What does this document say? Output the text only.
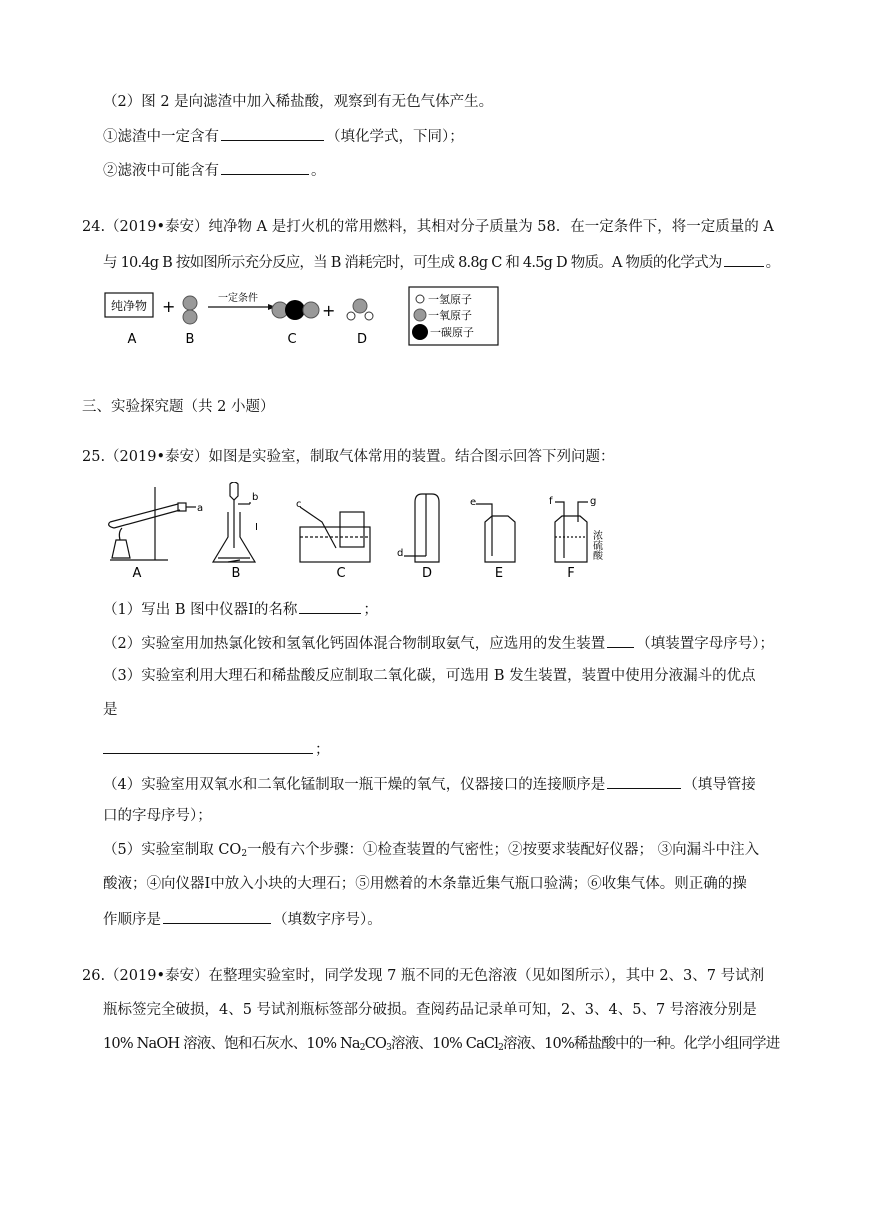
（2）图 2 是向滤渣中加入稀盐酸，观察到有无色气体产生。
①滤渣中一定含有	（填化学式，下同）；
②滤液中可能含有	。
24.（2019•泰安）纯净物 A 是打火机的常用燃料，其相对分子质量为 58．在一定条件下，将一定质量的 A
与 10.4g B 按如图所示充分反应，当 B 消耗完时，可生成 8.8g C 和 4.5g D 物质。A 物质的化学式为	。
纯净物 +	一定条件
+
A	B	C	D
一氢原子
一氧原子
一碳原子
三、实验探究题（共 2 小题）
25.（2019•泰安）如图是实验室，制取气体常用的装置。结合图示回答下列问题：
a
b
I
c
d
e	f	g
浓硫酸
A	B	C	D	E	F
（1）写出 B 图中仪器Ⅰ的名称	；
（2）实验室用加热氯化铵和氢氧化钙固体混合物制取氨气，应选用的发生装置 （填装置字母序号）；
（3）实验室利用大理石和稀盐酸反应制取二氧化碳，可选用 B 发生装置，装置中使用分液漏斗的优点
是
；
（4）实验室用双氧水和二氧化锰制取一瓶干燥的氧气，仪器接口的连接顺序是	（填导管接
口的字母序号）；
（5）实验室制取 $CO_2$一般有六个步骤：①检查装置的气密性；②按要求装配好仪器； ③向漏斗中注入
酸液；④向仪器Ⅰ中放入小块的大理石；⑤用燃着的木条靠近集气瓶口验满；⑥收集气体。则正确的操
作顺序是	（填数字序号）。
26.（2019•泰安）在整理实验室时，同学发现 7 瓶不同的无色溶液（见如图所示），其中 2、3、7 号试剂
瓶标签完全破损，4、5 号试剂瓶标签部分破损。查阅药品记录单可知，2、3、4、5、7 号溶液分别是
10% NaOH 溶液、饱和石灰水、10% $Na_2CO_3$溶液、10% CaCl$_2$溶液、10%稀盐酸中的一种。化学小组同学进
